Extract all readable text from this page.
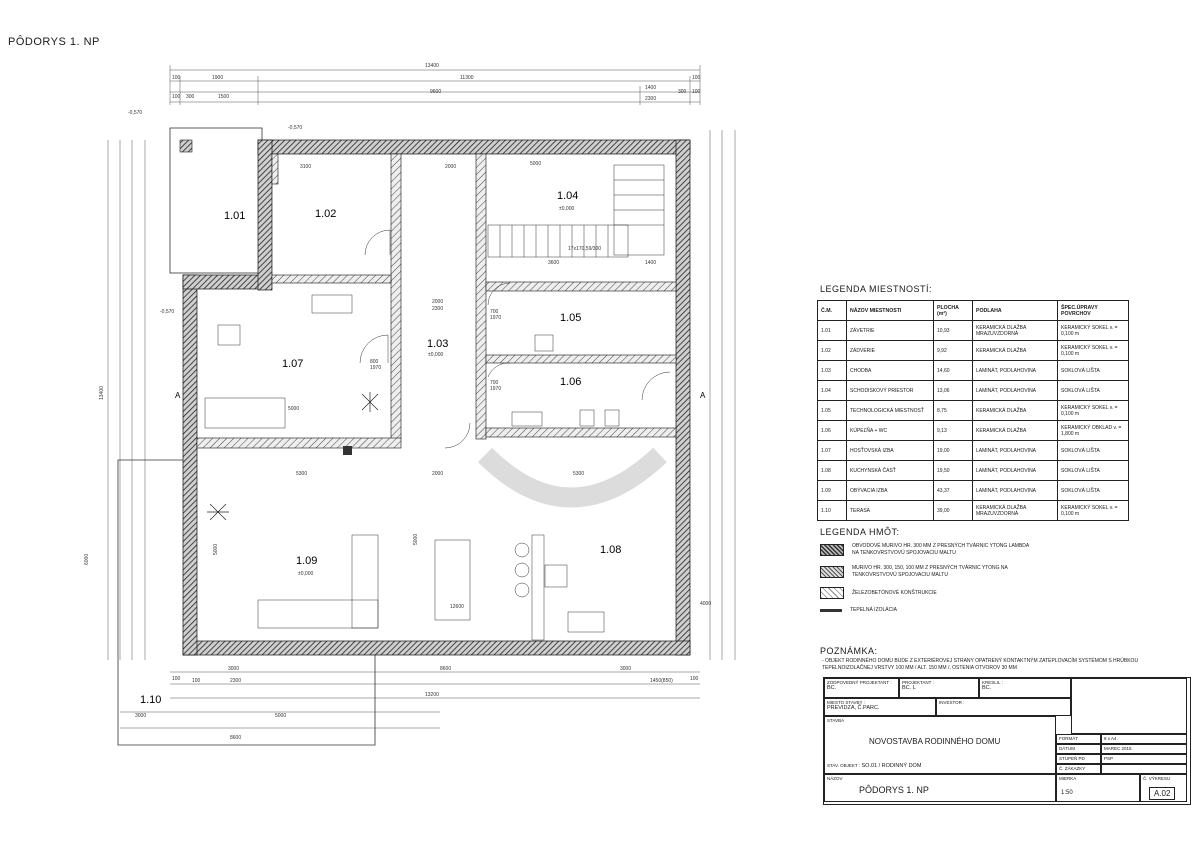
PÔDORYS 1. NP
13400
100	1900	11300	100
100 300	1500
9600
1400
300 100
2300
13400
100
3000	8600	3000
100
100	2300	1450(850)
13200
3000	5000
8600
17x170,59/300
800
1970
700
1970
700
1970
3100	2000	5000
3600	1400
2000
2300
5000
5300	2000	5300
12600
5000
5000
4000
6000
-0,570
-0,570
-0,570
A	A
1.01	1.02
1.03
±0,000
1.04
±0,000
1.05
1.06
1.07
1.08
1.09
±0,000
1.10
LEGENDA MIESTNOSTÍ:
Č.M.	NÁZOV MIESTNOSTI	PLOCHA (m²)	PODLAHA	ŠPEC.ÚPRAVY POVRCHOV
1.01	ZÁVETRIE	10,93	KERAMICKÁ DLAŽBA MRAZUVZDORNÁ	KERAMICKÝ SOKEL v. = 0,100 m
1.02	ZÁDVERIE	9,92	KERAMICKÁ DLAŽBA	KERAMICKÝ SOKEL v. = 0,100 m
1.03	CHODBA	14,60	LAMINÁT, PODLAHOVINA	SOKLOVÁ LIŠTA
1.04	SCHODISKOVÝ PRIESTOR	13,06	LAMINÁT, PODLAHOVINA	SOKLOVÁ LIŠTA
1.05	TECHNOLOGICKÁ MIESTNOSŤ	8,75	KERAMICKÁ DLAŽBA	KERAMICKÝ SOKEL v. = 0,100 m
1.06	KÚPEĽŇA + WC	9,13	KERAMICKÁ DLAŽBA	KERAMICKÝ OBKLAD v. = 1,800 m
1.07	HOSŤOVSKÁ IZBA	19,00	LAMINÁT, PODLAHOVINA	SOKLOVÁ LIŠTA
1.08	KUCHYNSKÁ ČASŤ	19,50	LAMINÁT, PODLAHOVINA	SOKLOVÁ LIŠTA
1.09	OBÝVACIA IZBA	43,37	LAMINÁT, PODLAHOVINA	SOKLOVÁ LIŠTA
1.10	TERASA	39,00	KERAMICKÁ DLAŽBA MRAZUVZDORNÁ	KERAMICKÝ SOKEL v. = 0,100 m
LEGENDA HMÔT:
OBVODOVÉ MURIVO HR. 300 MM Z PRESNÝCH TVÁRNIC YTONG LAMBDA NA TENKOVRSTVOVÚ SPOJOVACIU MALTU
MURIVO HR. 300, 150, 100 MM Z PRESNÝCH TVÁRNIC YTONG NA TENKOVRSTVOVÚ SPOJOVACIU MALTU
ŽELEZOBETÓNOVÉ KONŠTRUKCIE
TEPELNÁ IZOLÁCIA
POZNÁMKA:
- OBJEKT RODINNÉHO DOMU BUDE Z EXTERIÉROVEJ STRANY OPATRENÝ KONTAKTNÝM ZATEPLOVACÍM SYSTÉMOM S HRÚBKOU TEPELNOIZOLAČNEJ VRSTVY 100 MM / ALT. 150 MM /, OSTENIA OTVOROV 30 MM
ZODPOVEDNÝ PROJEKTANT :
BC.
PROJEKTANT :
BC. L
KRESLIL :
BC.
MIESTO STAVBY :
PREVIDZA, Č.PARC.
INVESTOR :
STAVBA
NOVOSTAVBA RODINNÉHO DOMU
STAV. OBJEKT : SO.01 / RODINNÝ DOM
FORMÁT	8 x A4
DÁTUM	MAREC 2015
STUPEŇ PD	PSP
Č. ZÁKAZKY
NÁZOV
PÔDORYS 1. NP
MIERKA
1:50
Č. VÝKRESU
A.02
